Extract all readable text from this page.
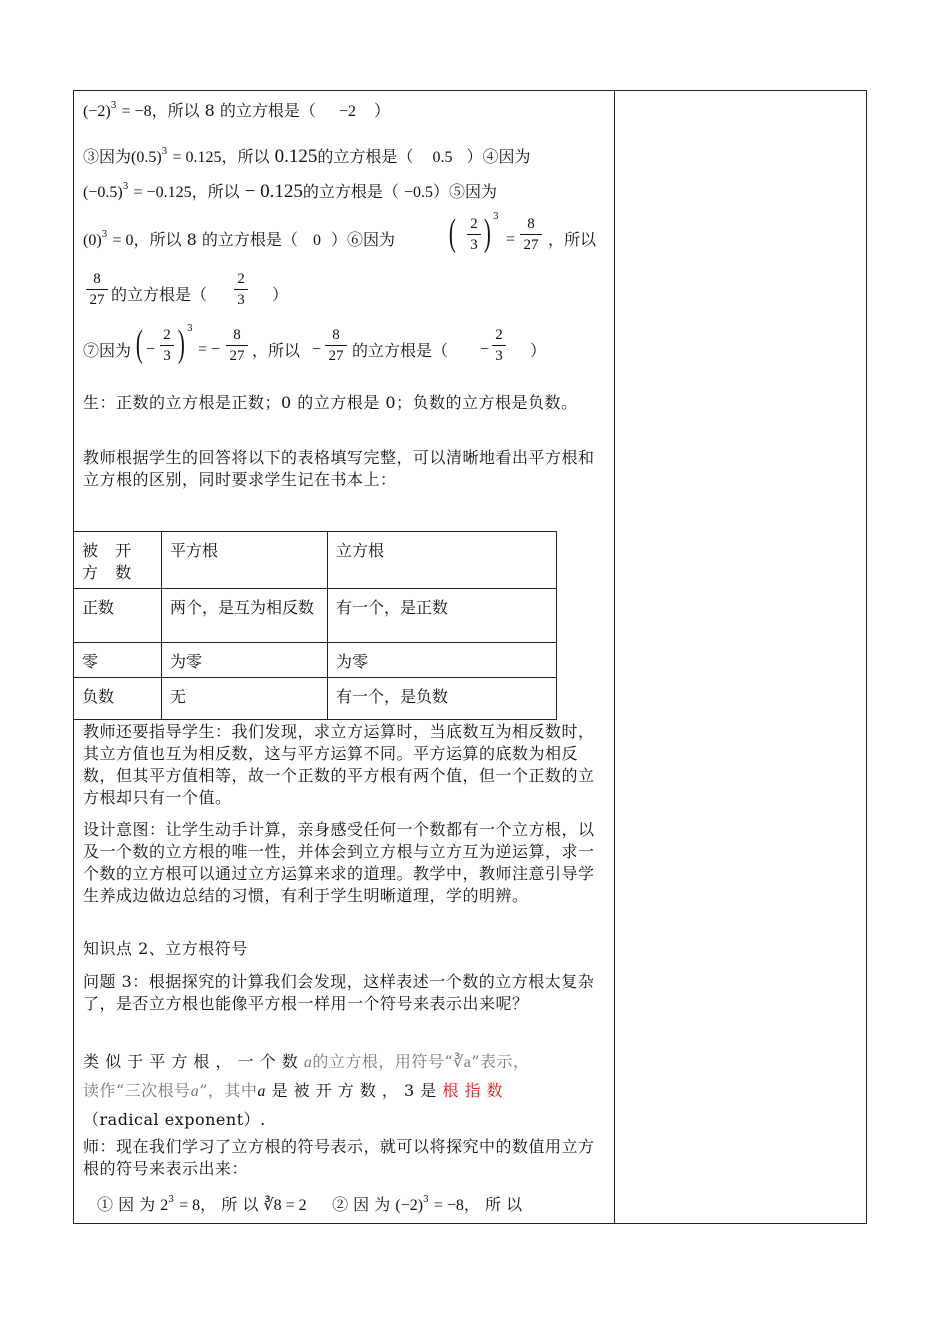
$(-2)^3 = -8$，所以 8 的立方根是（ −2 ）
③因为$(0.5)^3 = 0.125$，所以 0.125的立方根是（ 0.5 ）④因为
$(-0.5)^3 = -0.125$，所以 − 0.125的立方根是（ −0.5）⑤因为
$(0)^3 = 0$，所以 8 的立方根是（ 0 ）⑥因为 ( 2
3 ) 3
=
8
27 ，所以
8
27 的立方根是（
2
3 ）
⑦因为 ( −
2
3 ) 3
= −
8
27 ，所以 −
8
27 的立方根是（ −
2
3 ）
生：正数的立方根是正数；0 的立方根是 0；负数的立方根是负数。
教师根据学生的回答将以下的表格填写完整，可以清晰地看出平方根和立方根的区别，同时要求学生记在书本上：
被 开 方 数	平方根	立方根
正数	两个，是互为相反数	有一个，是正数
零	为零	为零
负数	无	有一个，是负数
教师还要指导学生：我们发现，求立方运算时，当底数互为相反数时，其立方值也互为相反数，这与平方运算不同。平方运算的底数为相反数，但其平方值相等，故一个正数的平方根有两个值，但一个正数的立方根却只有一个值。
设计意图：让学生动手计算，亲身感受任何一个数都有一个立方根，以及一个数的立方根的唯一性，并体会到立方根与立方互为逆运算，求一个数的立方根可以通过立方运算来求的道理。教学中，教师注意引导学生养成边做边总结的习惯，有利于学生明晰道理，学的明辨。
知识点 2、立方根符号
问题 3：根据探究的计算我们会发现，这样表述一个数的立方根太复杂了，是否立方根也能像平方根一样用一个符号来表示出来呢？
类 似 于 平 方 根 ， 一 个 数 a的立方根，用符号“∛a”表示，
读作“三次根号a”，其中a 是 被 开 方 数 ， 3 是 根 指 数
（radical exponent）.
师：现在我们学习了立方根的符号表示，就可以将探究中的数值用立方根的符号来表示出来：
① 因 为 $2^3 = 8$， 所 以 ∛8 = 2 ② 因 为 $(-2)^3 = -8$， 所 以
